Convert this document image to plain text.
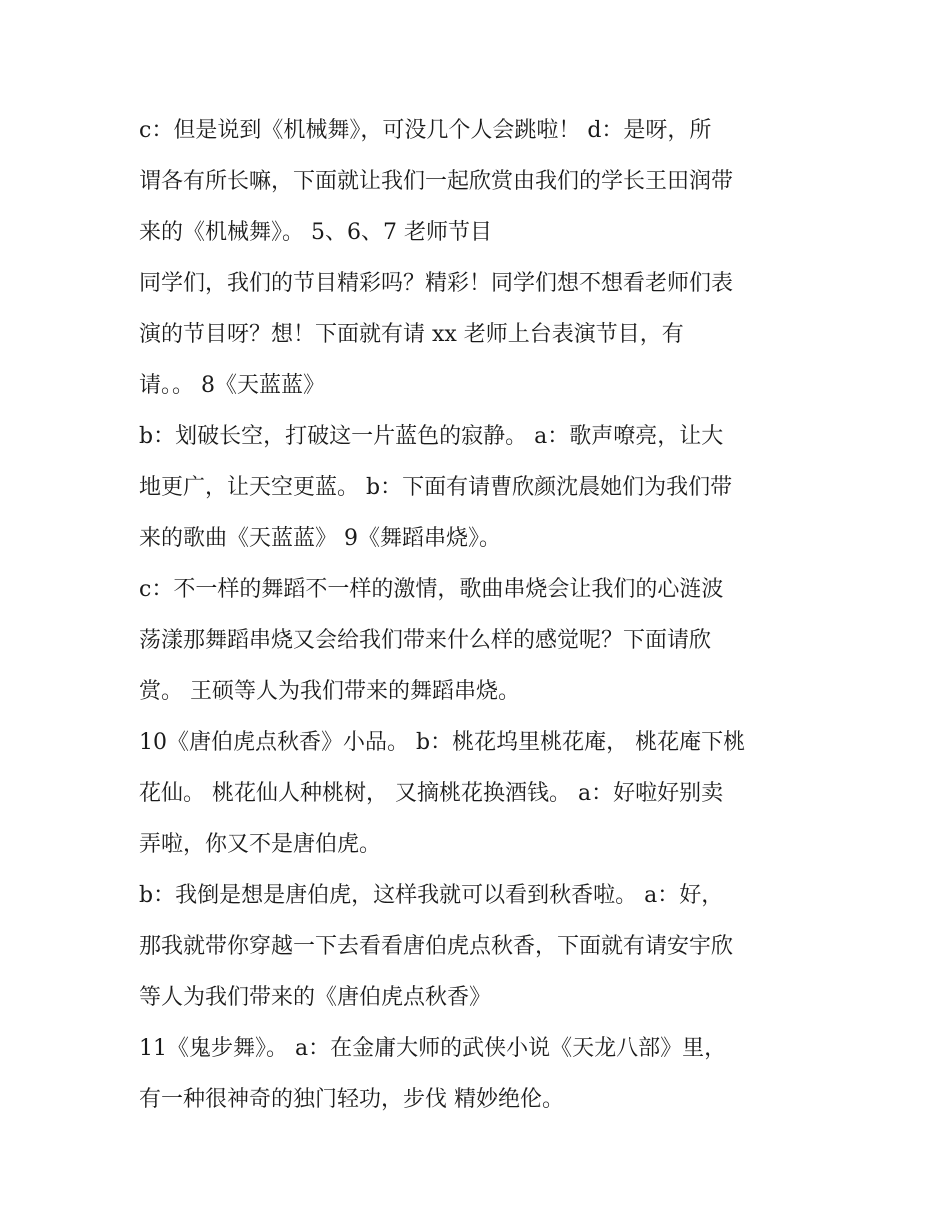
c：但是说到《机械舞》，可没几个人会跳啦！ d：是呀，所
谓各有所长嘛，下面就让我们一起欣赏由我们的学长王田润带
来的《机械舞》。 5、6、7 老师节目
同学们，我们的节目精彩吗？精彩！同学们想不想看老师们表
演的节目呀？想！下面就有请 xx 老师上台表演节目，有
请。。 8《天蓝蓝》
b：划破长空，打破这一片蓝色的寂静。 a：歌声嘹亮，让大
地更广，让天空更蓝。 b：下面有请曹欣颜沈晨她们为我们带
来的歌曲《天蓝蓝》 9《舞蹈串烧》。
c：不一样的舞蹈不一样的激情，歌曲串烧会让我们的心涟波
荡漾那舞蹈串烧又会给我们带来什么样的感觉呢？下面请欣
赏。 王硕等人为我们带来的舞蹈串烧。
10《唐伯虎点秋香》小品。 b：桃花坞里桃花庵， 桃花庵下桃
花仙。 桃花仙人种桃树， 又摘桃花换酒钱。 a：好啦好别卖
弄啦，你又不是唐伯虎。
b：我倒是想是唐伯虎，这样我就可以看到秋香啦。 a：好，
那我就带你穿越一下去看看唐伯虎点秋香，下面就有请安宇欣
等人为我们带来的《唐伯虎点秋香》
11《鬼步舞》。 a：在金庸大师的武侠小说《天龙八部》里，
有一种很神奇的独门轻功，步伐 精妙绝伦。
